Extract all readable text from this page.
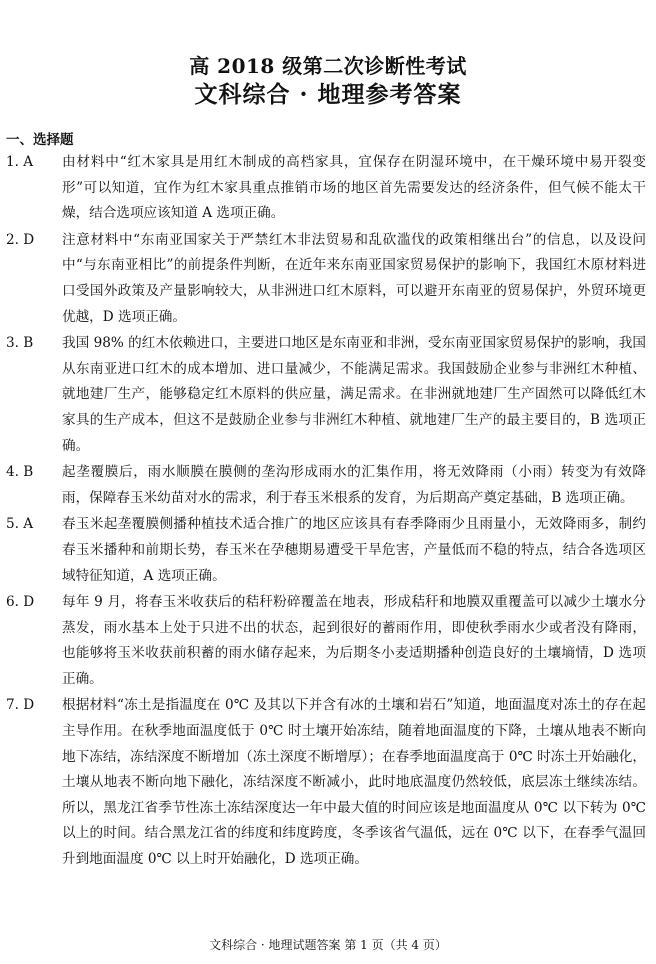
高 2018 级第二次诊断性考试
文科综合 · 地理参考答案
一、选择题
1. A	由材料中“红木家具是用红木制成的高档家具，宜保存在阴湿环境中，在干燥环境中易开裂变形”可以知道，宜作为红木家具重点推销市场的地区首先需要发达的经济条件，但气候不能太干燥，结合选项应该知道 A 选项正确。
2. D	注意材料中“东南亚国家关于严禁红木非法贸易和乱砍滥伐的政策相继出台”的信息，以及设问中“与东南亚相比”的前提条件判断，在近年来东南亚国家贸易保护的影响下，我国红木原材料进口受国外政策及产量影响较大，从非洲进口红木原料，可以避开东南亚的贸易保护，外贸环境更优越，D 选项正确。
3. B	我国 98% 的红木依赖进口，主要进口地区是东南亚和非洲，受东南亚国家贸易保护的影响，我国从东南亚进口红木的成本增加、进口量减少，不能满足需求。我国鼓励企业参与非洲红木种植、就地建厂生产，能够稳定红木原料的供应量，满足需求。在非洲就地建厂生产固然可以降低红木家具的生产成本，但这不是鼓励企业参与非洲红木种植、就地建厂生产的最主要目的，B 选项正确。
4. B	起垄覆膜后，雨水顺膜在膜侧的垄沟形成雨水的汇集作用，将无效降雨（小雨）转变为有效降雨，保障春玉米幼苗对水的需求，利于春玉米根系的发育，为后期高产奠定基础，B 选项正确。
5. A	春玉米起垄覆膜侧播种植技术适合推广的地区应该具有春季降雨少且雨量小，无效降雨多，制约春玉米播种和前期长势，春玉米在孕穗期易遭受干旱危害，产量低而不稳的特点，结合各选项区域特征知道，A 选项正确。
6. D	每年 9 月，将春玉米收获后的秸秆粉碎覆盖在地表，形成秸秆和地膜双重覆盖可以减少土壤水分蒸发，雨水基本上处于只进不出的状态，起到很好的蓄雨作用，即使秋季雨水少或者没有降雨，也能够将玉米收获前积蓄的雨水储存起来，为后期冬小麦适期播种创造良好的土壤墒情，D 选项正确。
7. D	根据材料“冻土是指温度在 0℃ 及其以下并含有冰的土壤和岩石”知道，地面温度对冻土的存在起主导作用。在秋季地面温度低于 0℃ 时土壤开始冻结，随着地面温度的下降，土壤从地表不断向地下冻结，冻结深度不断增加（冻土深度不断增厚）；在春季地面温度高于 0℃ 时冻土开始融化，土壤从地表不断向地下融化，冻结深度不断减小，此时地底温度仍然较低，底层冻土继续冻结。所以，黑龙江省季节性冻土冻结深度达一年中最大值的时间应该是地面温度从 0℃ 以下转为 0℃ 以上的时间。结合黑龙江省的纬度和纬度跨度，冬季该省气温低，远在 0℃ 以下，在春季气温回升到地面温度 0℃ 以上时开始融化，D 选项正确。
文科综合 · 地理试题答案 第 1 页（共 4 页）
